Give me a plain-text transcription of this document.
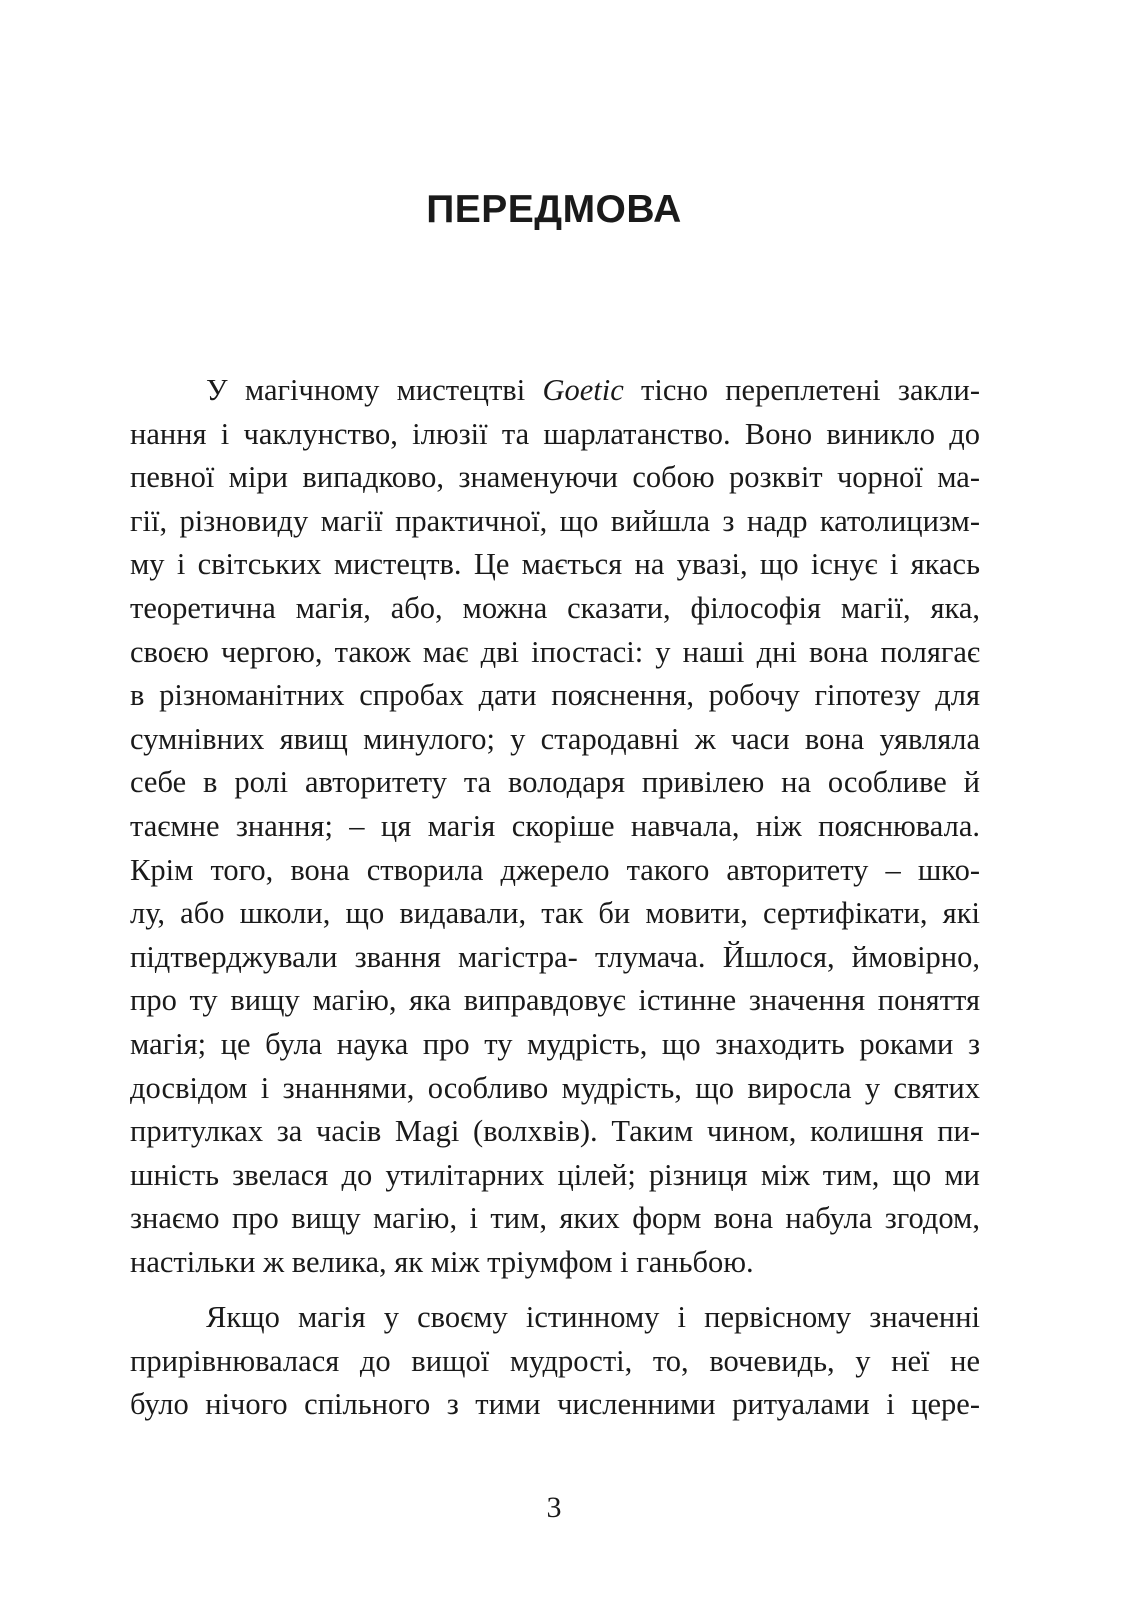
ПЕРЕДМОВА
У магічному мистецтві Goetic тісно переплетені закли-
нання і чаклунство, ілюзії та шарлатанство. Воно виникло до
певної міри випадково, знаменуючи собою розквіт чорної ма-
гії, різновиду магії практичної, що вийшла з надр католицизм-
му і світських мистецтв. Це мається на увазі, що існує і якась
теоретична магія, або, можна сказати, філософія магії, яка,
своєю чергою, також має дві іпостасі: у наші дні вона полягає
в різноманітних спробах дати пояснення, робочу гіпотезу для
сумнівних явищ минулого; у стародавні ж часи вона уявляла
себе в ролі авторитету та володаря привілею на особливе й
таємне знання; – ця магія скоріше навчала, ніж пояснювала.
Крім того, вона створила джерело такого авторитету – шко-
лу, або школи, що видавали, так би мовити, сертифікати, які
підтверджували звання магістра- тлумача. Йшлося, ймовірно,
про ту вищу магію, яка виправдовує істинне значення поняття
магія; це була наука про ту мудрість, що знаходить роками з
досвідом і знаннями, особливо мудрість, що виросла у святих
притулках за часів Magi (волхвів). Таким чином, колишня пи-
шність звелася до утилітарних цілей; різниця між тим, що ми
знаємо про вищу магію, і тим, яких форм вона набула згодом,
настільки ж велика, як між тріумфом і ганьбою.
Якщо магія у своєму істинному і первісному значенні
прирівнювалася до вищої мудрості, то, вочевидь, у неї не
було нічого спільного з тими численними ритуалами і цере-
3
